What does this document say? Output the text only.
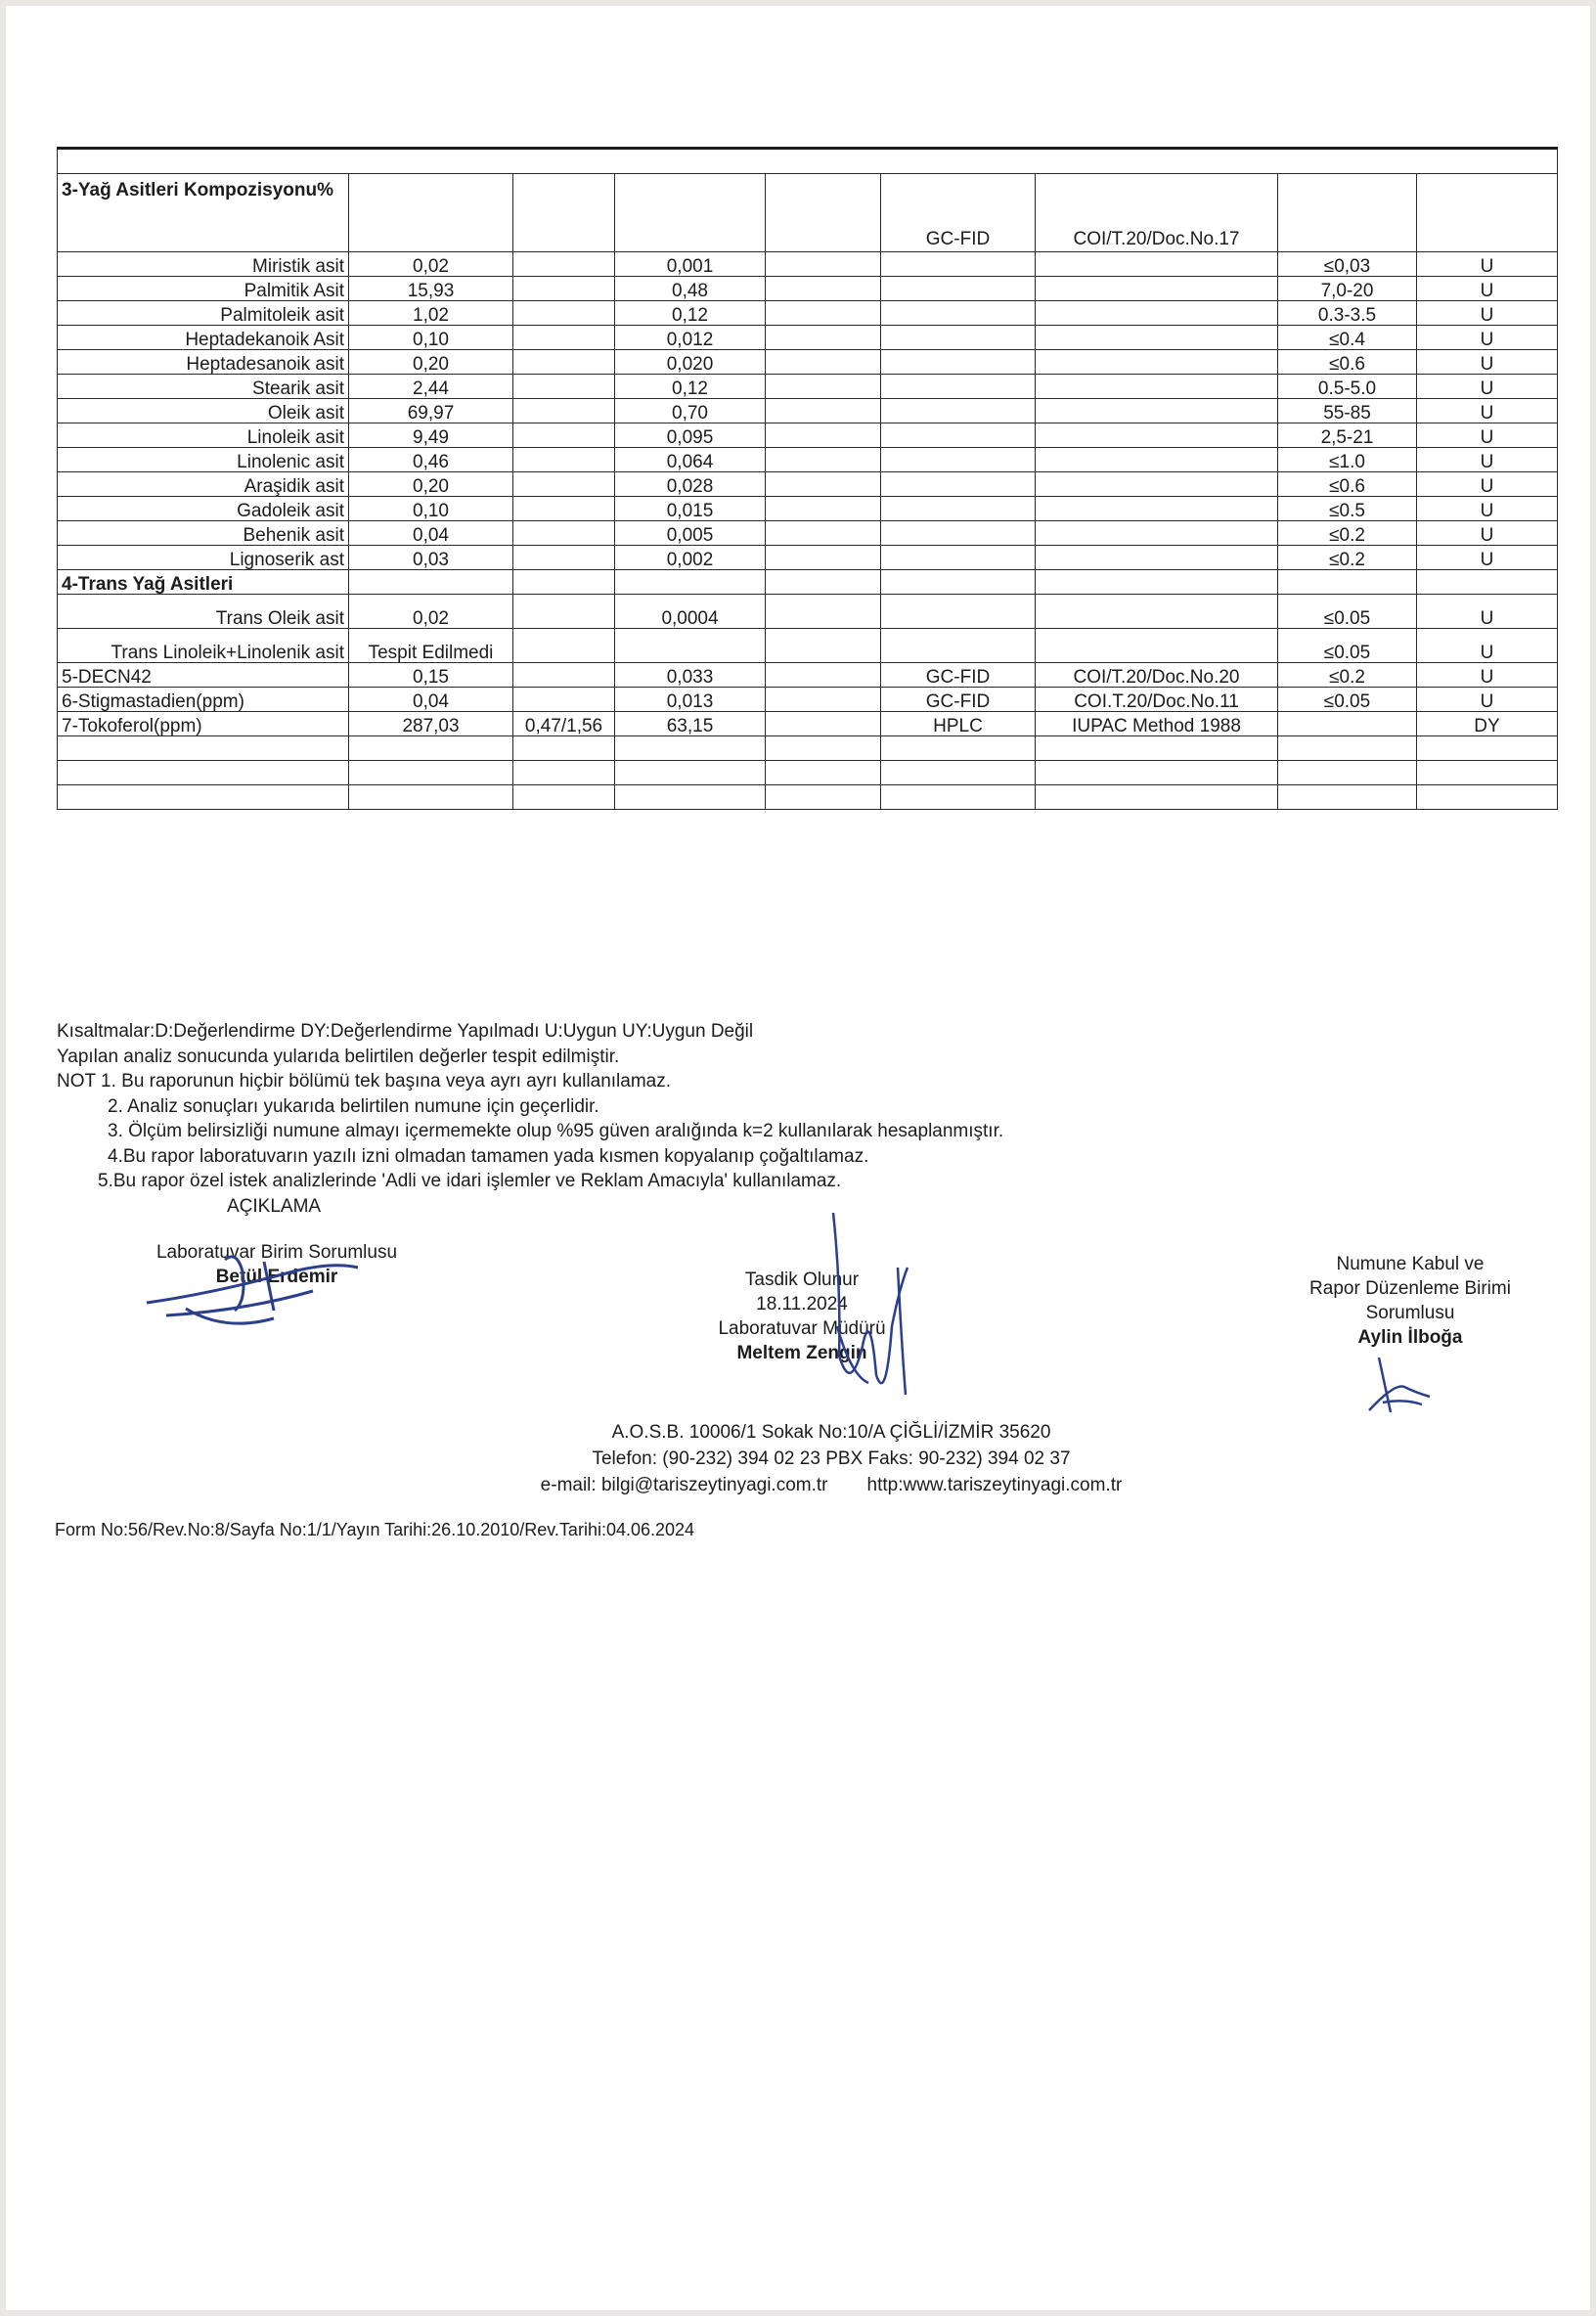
3-Yağ Asitleri Kompozisyonu%					GC-FID	COI/T.20/Doc.No.17		
Miristik asit	0,02		0,001				≤0,03	U
Palmitik Asit	15,93		0,48				7,0-20	U
Palmitoleik asit	1,02		0,12				0.3-3.5	U
Heptadekanoik Asit	0,10		0,012				≤0.4	U
Heptadesanoik asit	0,20		0,020				≤0.6	U
Stearik asit	2,44		0,12				0.5-5.0	U
Oleik asit	69,97		0,70				55-85	U
Linoleik asit	9,49		0,095				2,5-21	U
Linolenic asit	0,46		0,064				≤1.0	U
Araşidik asit	0,20		0,028				≤0.6	U
Gadoleik asit	0,10		0,015				≤0.5	U
Behenik asit	0,04		0,005				≤0.2	U
Lignoserik ast	0,03		0,002				≤0.2	U
4-Trans Yağ Asitleri								
Trans Oleik asit	0,02		0,0004				≤0.05	U
Trans Linoleik+Linolenik asit	Tespit Edilmedi						≤0.05	U
5-DECN42	0,15		0,033		GC-FID	COI/T.20/Doc.No.20	≤0.2	U
6-Stigmastadien(ppm)	0,04		0,013		GC-FID	COI.T.20/Doc.No.11	≤0.05	U
7-Tokoferol(ppm)	287,03	0,47/1,56	63,15		HPLC	IUPAC Method 1988		DY

Kısaltmalar:D:Değerlendirme DY:Değerlendirme Yapılmadı U:Uygun UY:Uygun Değil
Yapılan analiz sonucunda yularıda belirtilen değerler tespit edilmiştir.
NOT 1. Bu raporunun hiçbir bölümü tek başına veya ayrı ayrı kullanılamaz.
2. Analiz sonuçları yukarıda belirtilen numune için geçerlidir.
3. Ölçüm belirsizliği numune almayı içermemekte olup %95 güven aralığında k=2 kullanılarak hesaplanmıştır.
4.Bu rapor laboratuvarın yazılı izni olmadan tamamen yada kısmen kopyalanıp çoğaltılamaz.
5.Bu rapor özel istek analizlerinde 'Adli ve idari işlemler ve Reklam Amacıyla' kullanılamaz.
AÇIKLAMA
Laboratuvar Birim Sorumlusu
Betül Erdemir	Tasdik Olunur
18.11.2024
Laboratuvar Müdürü
Meltem Zengin
Numune Kabul ve
Rapor Düzenleme Birimi
Sorumlusu
Aylin İlboğa
A.O.S.B. 10006/1 Sokak No:10/A ÇİĞLİ/İZMİR 35620
Telefon: (90-232) 394 02 23 PBX Faks: 90-232) 394 02 37
e-mail: bilgi@tariszeytinyagi.com.tr http:www.tariszeytinyagi.com.tr
Form No:56/Rev.No:8/Sayfa No:1/1/Yayın Tarihi:26.10.2010/Rev.Tarihi:04.06.2024
